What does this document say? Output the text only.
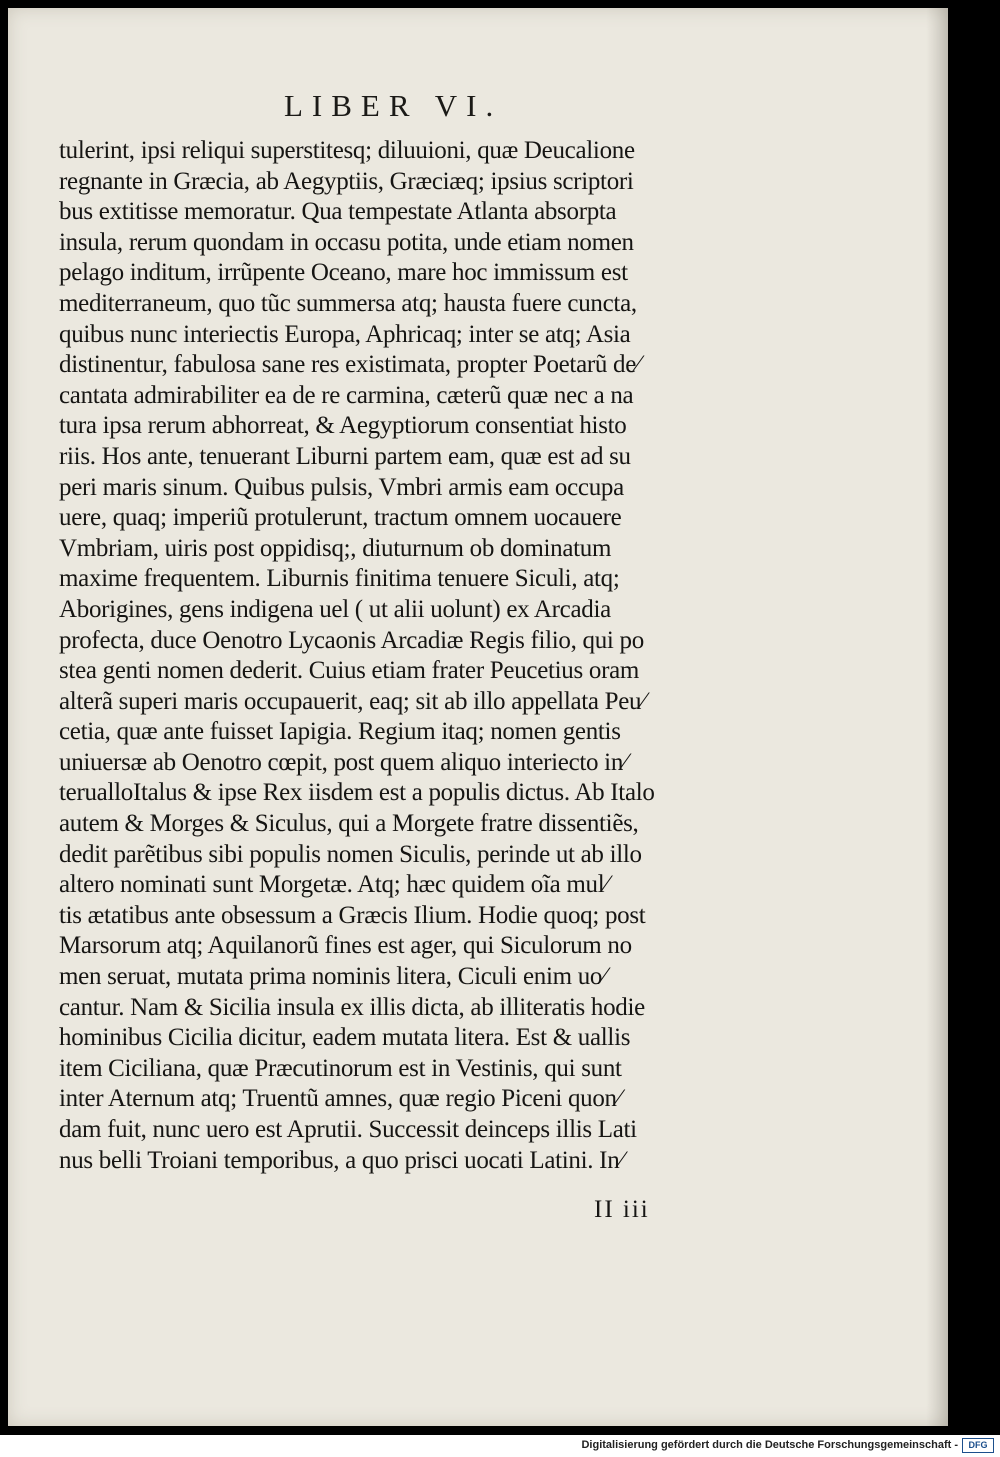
LIBER VI.
tulerint, ipsi reliqui superstitesq; diluuioni, quæ Deucalione
regnante in Græcia, ab Aegyptiis, Græciæq; ipsius scriptori
bus extitisse memoratur. Qua tempestate Atlanta absorpta
insula, rerum quondam in occasu potita, unde etiam nomen
pelago inditum, irrũpente Oceano, mare hoc immissum est
mediterraneum, quo tũc summersa atq; hausta fuere cuncta,
quibus nunc interiectis Europa, Aphricaq; inter se atq; Asia
distinentur, fabulosa sane res existimata, propter Poetarũ de⁄
cantata admirabiliter ea de re carmina, cæterũ quæ nec a na
tura ipsa rerum abhorreat, & Aegyptiorum consentiat histo
riis. Hos ante, tenuerant Liburni partem eam, quæ est ad su
peri maris sinum. Quibus pulsis, Vmbri armis eam occupa
uere, quaq; imperiũ protulerunt, tractum omnem uocauere
Vmbriam, uiris post oppidisq;, diuturnum ob dominatum
maxime frequentem. Liburnis finitima tenuere Siculi, atq;
Aborigines, gens indigena uel ( ut alii uolunt) ex Arcadia
profecta, duce Oenotro Lycaonis Arcadiæ Regis filio, qui po
stea genti nomen dederit. Cuius etiam frater Peucetius oram
alterã superi maris occupauerit, eaq; sit ab illo appellata Peu⁄
cetia, quæ ante fuisset Iapigia. Regium itaq; nomen gentis
uniuersæ ab Oenotro cœpit, post quem aliquo interiecto in⁄
terualloItalus & ipse Rex iisdem est a populis dictus. Ab Italo
autem & Morges & Siculus, qui a Morgete fratre dissentiẽs,
dedit parẽtibus sibi populis nomen Siculis, perinde ut ab illo
altero nominati sunt Morgetæ. Atq; hæc quidem oĩa mul⁄
tis ætatibus ante obsessum a Græcis Ilium. Hodie quoq; post
Marsorum atq; Aquilanorũ fines est ager, qui Siculorum no
men seruat, mutata prima nominis litera, Ciculi enim uo⁄
cantur. Nam & Sicilia insula ex illis dicta, ab illiteratis hodie
hominibus Cicilia dicitur, eadem mutata litera. Est & uallis
item Ciciliana, quæ Præcutinorum est in Vestinis, qui sunt
inter Aternum atq; Truentũ amnes, quæ regio Piceni quon⁄
dam fuit, nunc uero est Aprutii. Successit deinceps illis Lati
nus belli Troiani temporibus, a quo prisci uocati Latini. In⁄
II iii
Digitalisierung gefördert durch die Deutsche Forschungsgemeinschaft -	DFG
